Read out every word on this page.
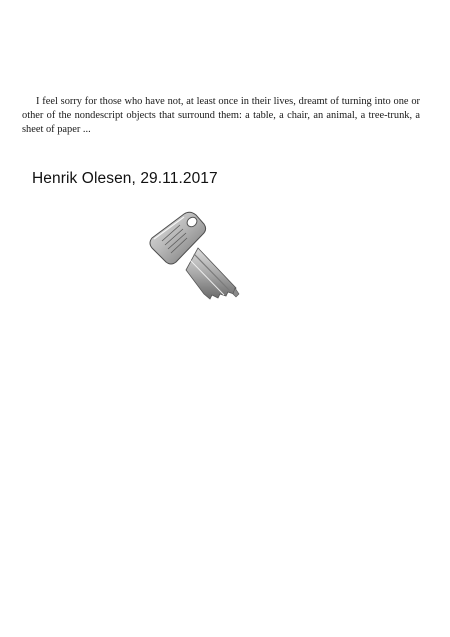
I feel sorry for those who have not, at least once in their lives, dreamt of turning into one or other of the nondescript objects that surround them: a table, a chair, an animal, a tree-trunk, a sheet of paper ...

Henrik Olesen, 29.11.2017
